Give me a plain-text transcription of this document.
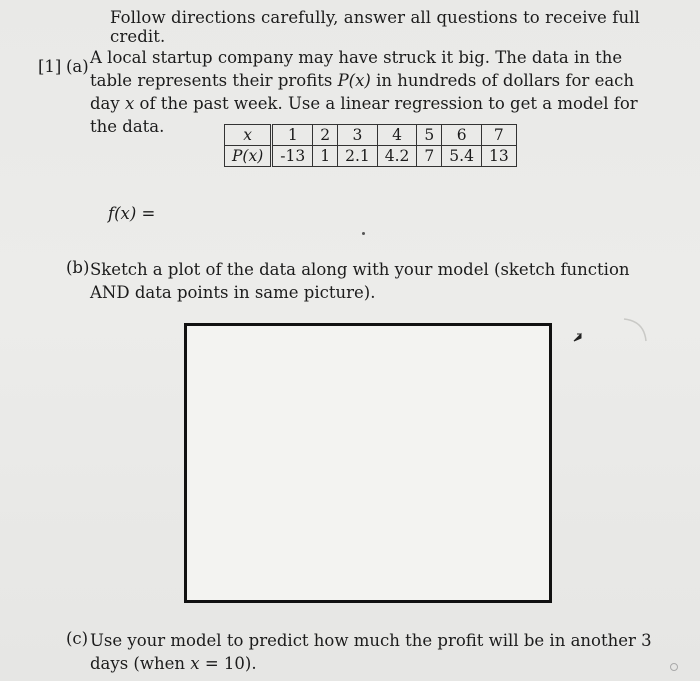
Follow directions carefully, answer all questions to receive full credit.
[1] (a) A local startup company may have struck it big. The data in the table represents their profits P(x) in hundreds of dollars for each day x of the past week. Use a linear regression to get a model for the data.	x	1	2	3	4	5	6	7
P(x)	-13	1	2.1	4.2	7	5.4	13
f(x) =
(b) Sketch a plot of the data along with your model (sketch function AND data points in same picture).
(c) Use your model to predict how much the profit will be in another 3 days (when x = 10).
